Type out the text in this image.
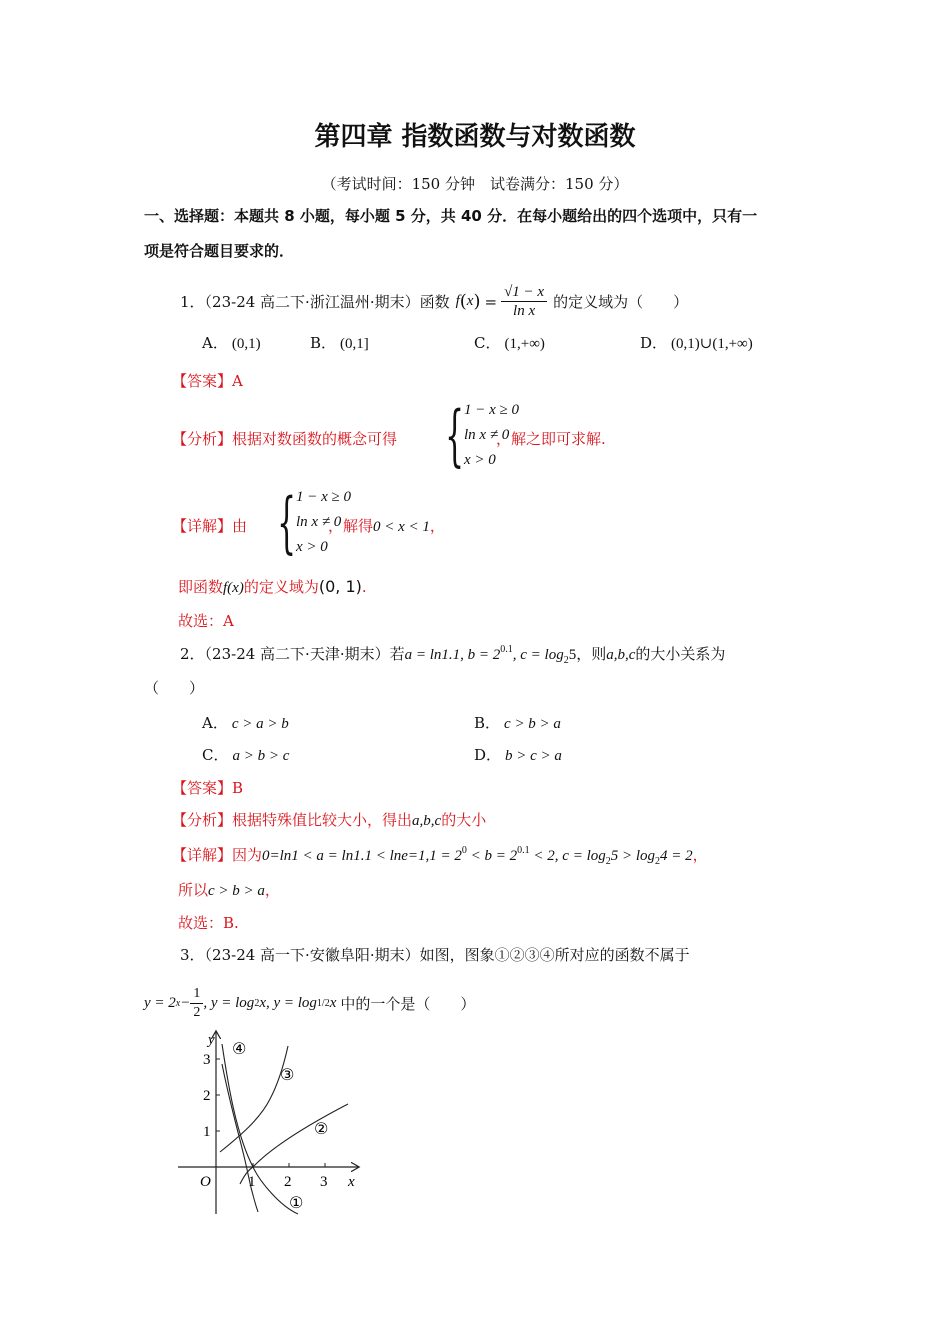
第四章 指数函数与对数函数
（考试时间：150 分钟　试卷满分：150 分）
一、选择题：本题共 8 小题，每小题 5 分，共 40 分．在每小题给出的四个选项中，只有一
项是符合题目要求的．
1．（23-24 高二下·浙江温州·期末）函数 f ( x ) = $\frac{√1 - x}{\text{ln x}}$ 的定义域为（　　）
A． (0,1)	B． (0,1]	C． (1,+∞)	D． (0,1)∪(1,+∞)
【答案】A
【分析】根据对数函数的概念可得 { 1 − x ≥ 0
ln x ≠ 0
x > 0
，解之即可求解.
【详解】由 { 1 − x ≥ 0
ln x ≠ 0
x > 0
，解得0 < x < 1，
即函数f(x)的定义域为(0, 1).
故选：A
2．（23-24 高二下·天津·期末）若a = ln1.1, $b = 2^{0.1}$, $c = \log_25$，则a,b,c的大小关系为
（　　）
A． c > a > b	B． c > b > a
C． a > b > c	D． b > c > a
【答案】B
【分析】根据特殊值比较大小，得出a,b,c的大小
【详解】因为$0=\ln 1 < a = \ln 1.1 < \ln e=1,1 = 2^0 < b = 2^{0.1} < 2$, $c = \log_25 > \log_24 = 2$，
所以c > b > a，
故选：B.
3．（23-24 高一下·安徽阜阳·期末）如图，图象①②③④所对应的函数不属于
y = 2 $x - \frac{1}{2}$ , y = log 2 x, y = log 1/2 x 中的一个是（　　）
y
x
O 1 2 3
1
2
3
①
②
③
④
